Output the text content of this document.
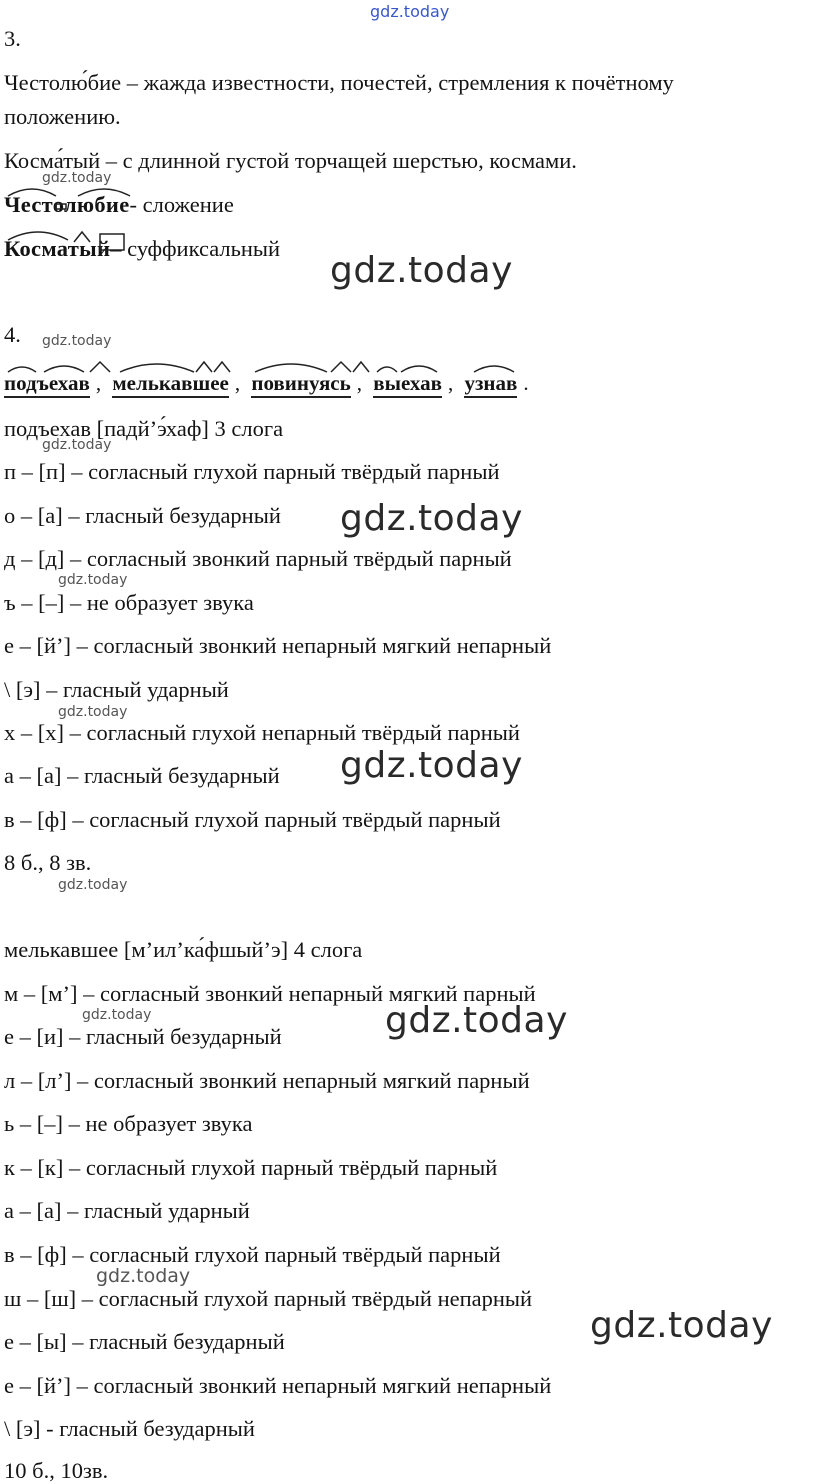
gdz.today
3.
Честолю́бие – жажда известности, почестей, стремления к почётному
положению.
Косма́тый – с длинной густой торчащей шерстью, космами.
gdz.today
Честолюбие- сложение
Косматый– суффиксальный
gdz.today
4. gdz.today
подъехав , мелькавшее , повинуясь , выехав , узнав .
подъехав [падй’э́хаф] 3 слога
gdz.today
п – [п] – согласный глухой парный твёрдый парный
о – [а] – гласный безударный gdz.today
д – [д] – согласный звонкий парный твёрдый парный
gdz.today
ъ – [–] – не образует звука
е – [й’] – согласный звонкий непарный мягкий непарный
\ [э] – гласный ударный
gdz.today
х – [х] – согласный глухой непарный твёрдый парный
а – [а] – гласный безударный gdz.today
в – [ф] – согласный глухой парный твёрдый парный
8 б., 8 зв.
gdz.today
мелькавшее [м’ил’ка́фшый’э] 4 слога
м – [м’] – согласный звонкий непарный мягкий парный
gdz.today	gdz.today
е – [и] – гласный безударный
л – [л’] – согласный звонкий непарный мягкий парный
ь – [–] – не образует звука
к – [к] – согласный глухой парный твёрдый парный
а – [а] – гласный ударный
в – [ф] – согласный глухой парный твёрдый парный
gdz.today
ш – [ш] – согласный глухой парный твёрдый непарный
gdz.today
е – [ы] – гласный безударный
е – [й’] – согласный звонкий непарный мягкий непарный
\ [э] - гласный безударный
10 б., 10зв.
